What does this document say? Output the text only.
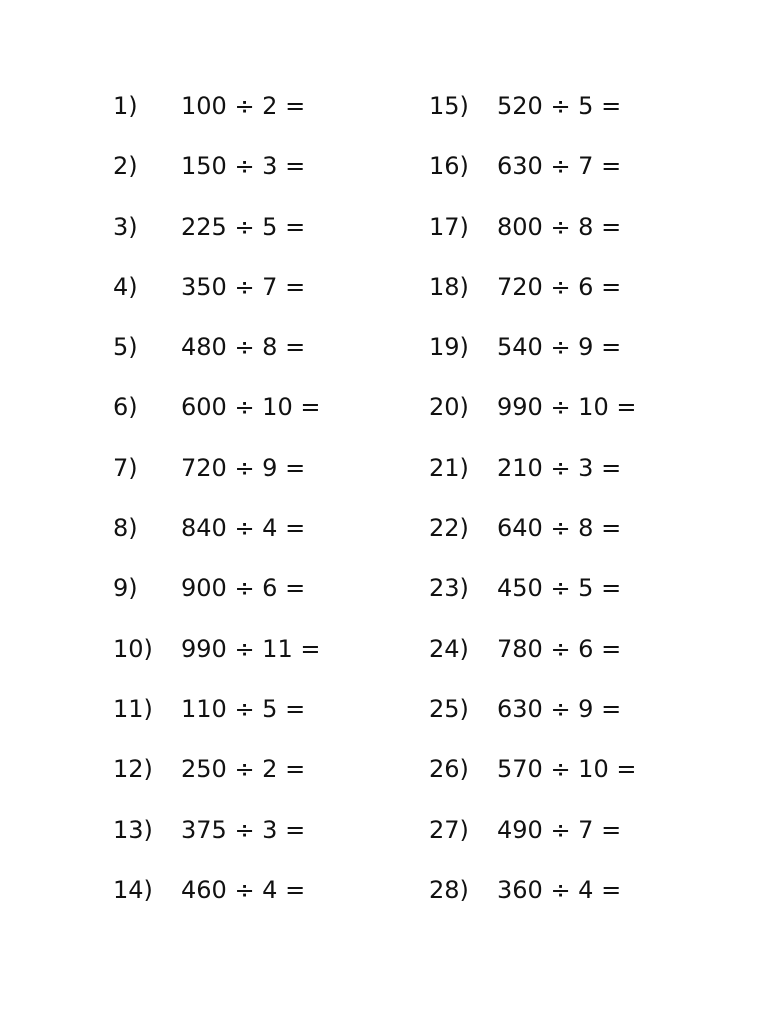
1) 100 ÷ 2 =
2) 150 ÷ 3 =
3) 225 ÷ 5 =
4) 350 ÷ 7 =
5) 480 ÷ 8 =
6) 600 ÷ 10 =
7) 720 ÷ 9 =
8) 840 ÷ 4 =
9) 900 ÷ 6 =
10) 990 ÷ 11 =
11) 110 ÷ 5 =
12) 250 ÷ 2 =
13) 375 ÷ 3 =
14) 460 ÷ 4 =
15) 520 ÷ 5 =
16) 630 ÷ 7 =
17) 800 ÷ 8 =
18) 720 ÷ 6 =
19) 540 ÷ 9 =
20) 990 ÷ 10 =
21) 210 ÷ 3 =
22) 640 ÷ 8 =
23) 450 ÷ 5 =
24) 780 ÷ 6 =
25) 630 ÷ 9 =
26) 570 ÷ 10 =
27) 490 ÷ 7 =
28) 360 ÷ 4 =
